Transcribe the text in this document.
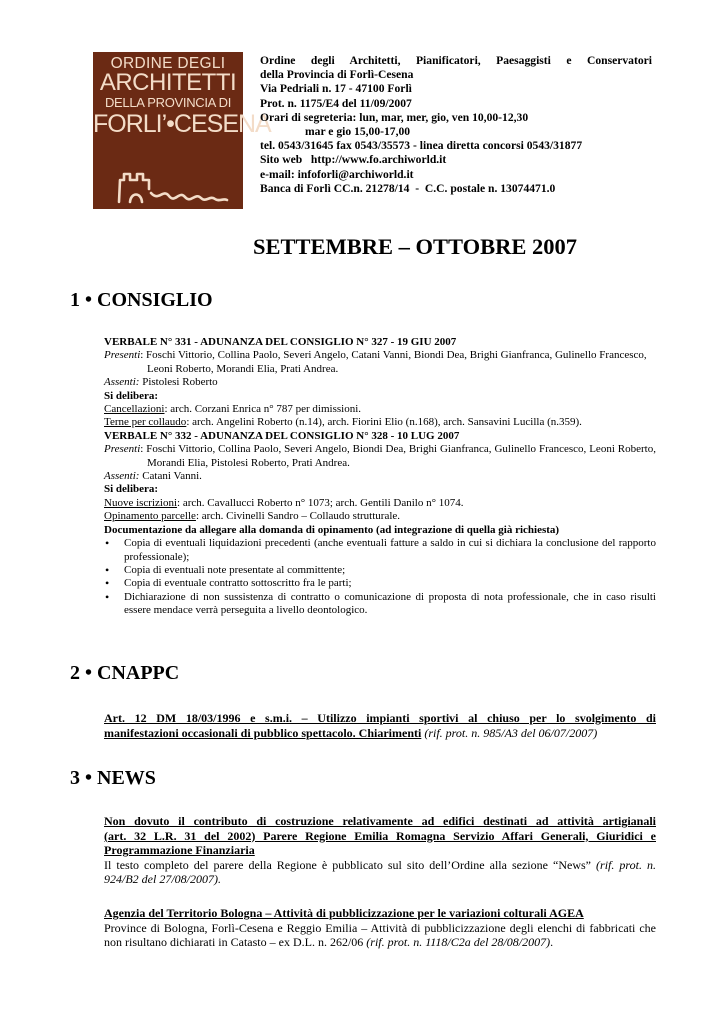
ORDINE DEGLI
ARCHITETTI
DELLA PROVINCIA DI
FORLI’•CESENA
Ordine degli Architetti, Pianificatori, Paesaggisti e Conservatori
della Provincia di Forlì-Cesena
Via Pedriali n. 17 - 47100 Forlì
Prot. n. 1175/E4 del 11/09/2007
Orari di segreteria: lun, mar, mer, gio, ven 10,00-12,30
mar e gio 15,00-17,00
tel. 0543/31645 fax 0543/35573 - linea diretta concorsi 0543/31877
Sito web   http://www.fo.archiworld.it
e-mail: infoforli@archiworld.it
Banca di Forlì CC.n. 21278/14  -  C.C. postale n. 13074471.0
SETTEMBRE – OTTOBRE 2007
1 • CONSIGLIO
VERBALE N° 331 - ADUNANZA DEL CONSIGLIO N° 327 - 19 GIU 2007
Presenti: Foschi Vittorio, Collina Paolo, Severi Angelo, Catani Vanni, Biondi Dea, Brighi Gianfranca, Gulinello Francesco, Leoni Roberto, Morandi Elia, Prati Andrea.
Assenti: Pistolesi Roberto
Si delibera:
Cancellazioni: arch. Corzani Enrica n° 787 per dimissioni.
Terne per collaudo: arch. Angelini Roberto (n.14), arch. Fiorini Elio (n.168), arch. Sansavini Lucilla (n.359).
VERBALE N° 332 - ADUNANZA DEL CONSIGLIO N° 328 - 10 LUG 2007
Presenti: Foschi Vittorio, Collina Paolo, Severi Angelo, Biondi Dea, Brighi Gianfranca, Gulinello Francesco, Leoni Roberto, Morandi Elia, Pistolesi Roberto, Prati Andrea.
Assenti: Catani Vanni.
Si delibera:
Nuove iscrizioni: arch. Cavallucci Roberto n° 1073; arch. Gentili Danilo n° 1074.
Opinamento parcelle: arch. Civinelli Sandro – Collaudo strutturale.
Documentazione da allegare alla domanda di opinamento (ad integrazione di quella già richiesta)
• Copia di eventuali liquidazioni precedenti (anche eventuali fatture a saldo in cui si dichiara la conclusione del rapporto professionale);
• Copia di eventuali note presentate al committente;
• Copia di eventuale contratto sottoscritto fra le parti;
• Dichiarazione di non sussistenza di contratto o comunicazione di proposta di nota professionale, che in caso risulti essere mendace verrà perseguita a livello deontologico.
2 • CNAPPC
Art. 12 DM 18/03/1996 e s.m.i. – Utilizzo impianti sportivi al chiuso per lo svolgimento di
manifestazioni occasionali di pubblico spettacolo. Chiarimenti (rif. prot. n. 985/A3 del 06/07/2007)
3 • NEWS
Non dovuto il contributo di costruzione relativamente ad edifici destinati ad attività artigianali
(art. 32 L.R. 31 del 2002) Parere Regione Emilia Romagna Servizio Affari Generali, Giuridici e
Programmazione Finanziaria
Il testo completo del parere della Regione è pubblicato sul sito dell’Ordine alla sezione “News” (rif. prot. n. 924/B2 del 27/08/2007).
Agenzia del Territorio Bologna – Attività di pubblicizzazione per le variazioni colturali AGEA
Province di Bologna, Forlì-Cesena e Reggio Emilia – Attività di pubblicizzazione degli elenchi di fabbricati che non risultano dichiarati in Catasto – ex D.L. n. 262/06 (rif. prot. n. 1118/C2a del 28/08/2007).
